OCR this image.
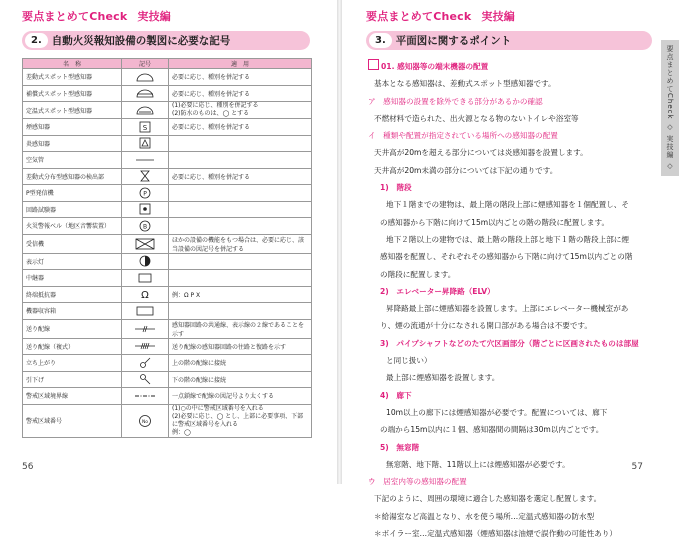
要点まとめてCheck 実技編
2. 自動火災報知設備の製図に必要な記号
名　称	記号	適　用
差動式スポット型感知器		必要に応じ、種別を併記する
補償式スポット型感知器		必要に応じ、種別を併記する
定温式スポット型感知器		(1)必要に応じ、種別を併記する
(2)防水のものは、◯ とする
煙感知器	S	必要に応じ、種別を併記する
炎感知器		
空気管		
差動式分布型感知器の検出部		必要に応じ、種別を併記する
P型発信機	P	

回路試験器		
火災警報ベル（地区音響装置）	B	

受信機		ほかの設備の機能をもつ場合は、必要に応じ、該当設備の図記号を併記する
表示灯		
中継器		
終端抵抗器	Ω	例：Ω P X
機器収容箱		
送り配線		感知器回路の共通線、表示線の２線であることを示す
送り配線（複式）		送り配線の感知器回路の往路と復路を示す
立ち上がり		上の階の配線に接続
引下げ		下の階の配線に接続
警戒区域境界線		一点鎖線で配線の図記号より太くする
警戒区域番号	No	(1)○の中に警戒区域番号を入れる
(2)必要に応じ、◯ とし、上部に必要事項、下部に警戒区域番号を入れる
例：◯
56
要点まとめてCheck 実技編
3. 平面図に関するポイント
01. 感知器等の端末機器の配置
基本となる感知器は、差動式スポット型感知器です。
ア　感知器の設置を除外できる部分があるかの確認
不燃材料で造られた、出火源となる物のないトイレや浴室等
イ　種類や配置が指定されている場所への感知器の配置
天井高が20mを超える部分については炎感知器を設置します。
天井高が20m未満の部分については下記の通りです。
1)　階段
地下１階までの建物は、最上階の階段上部に煙感知器を１個配置し、そ
の感知器から下階に向けて15m以内ごとの階の階段に配置します。
地下２階以上の建物では、最上階の階段上部と地下１階の階段上部に煙
感知器を配置し、それぞれその感知器から下階に向けて15m以内ごとの階
の階段に配置します。
2)　エレベーター昇降路（ELV）
昇降路最上部に煙感知器を設置します。上部にエレベーター機械室があ
り、煙の流通が十分になされる開口部がある場合は不要です。
3)　パイプシャフトなどのたて穴区画部分（階ごとに区画されたものは部屋
と同じ扱い）
最上部に煙感知器を設置します。
4)　廊下
10m以上の廊下には煙感知器が必要です。配置については、廊下
の端から15m以内に１個、感知器間の間隔は30m以内ごとです。
5)　無窓階
無窓階、地下階、11階以上には煙感知器が必要です。
ウ　居室内等の感知器の配置
下記のように、周囲の環境に適合した感知器を選定し配置します。
＊給湯室など高温となり、水を使う場所…定温式感知器の防水型
＊ボイラー室…定温式感知器（煙感知器は油煙で誤作動の可能性あり）
要点まとめてCheck ◇ 実技編 ◇
57
